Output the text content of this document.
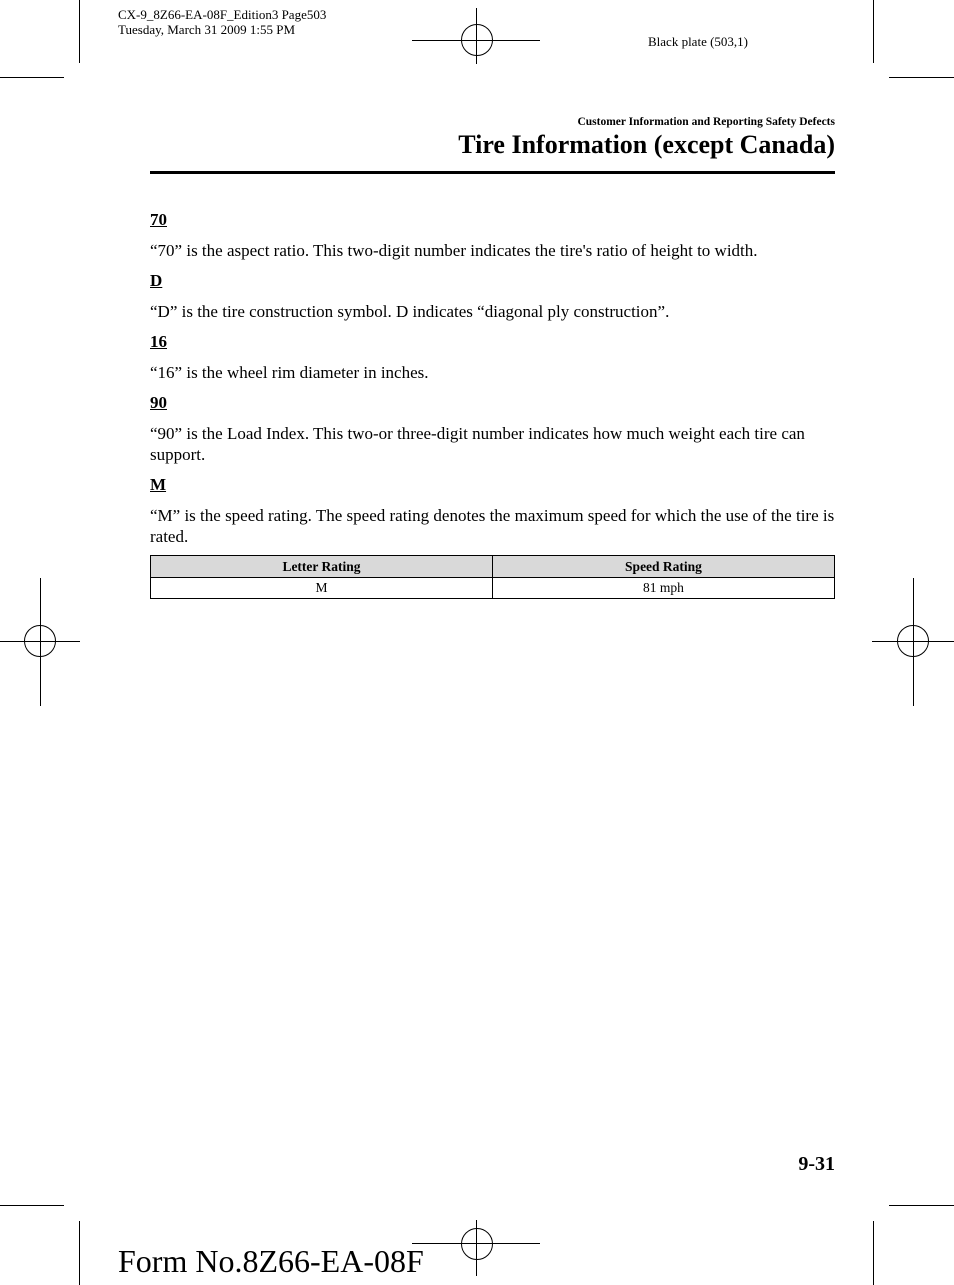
CX-9_8Z66-EA-08F_Edition3 Page503
Tuesday, March 31 2009 1:55 PM
Black plate (503,1)
Customer Information and Reporting Safety Defects
Tire Information (except Canada)
70
“70” is the aspect ratio. This two-digit number indicates the tire's ratio of height to width.
D
“D” is the tire construction symbol. D indicates “diagonal ply construction”.
16
“16” is the wheel rim diameter in inches.
90
“90” is the Load Index. This two-or three-digit number indicates how much weight each tire can support.
M
“M” is the speed rating. The speed rating denotes the maximum speed for which the use of the tire is rated.
Letter Rating	Speed Rating
M	81 mph
9-31
Form No.8Z66-EA-08F
